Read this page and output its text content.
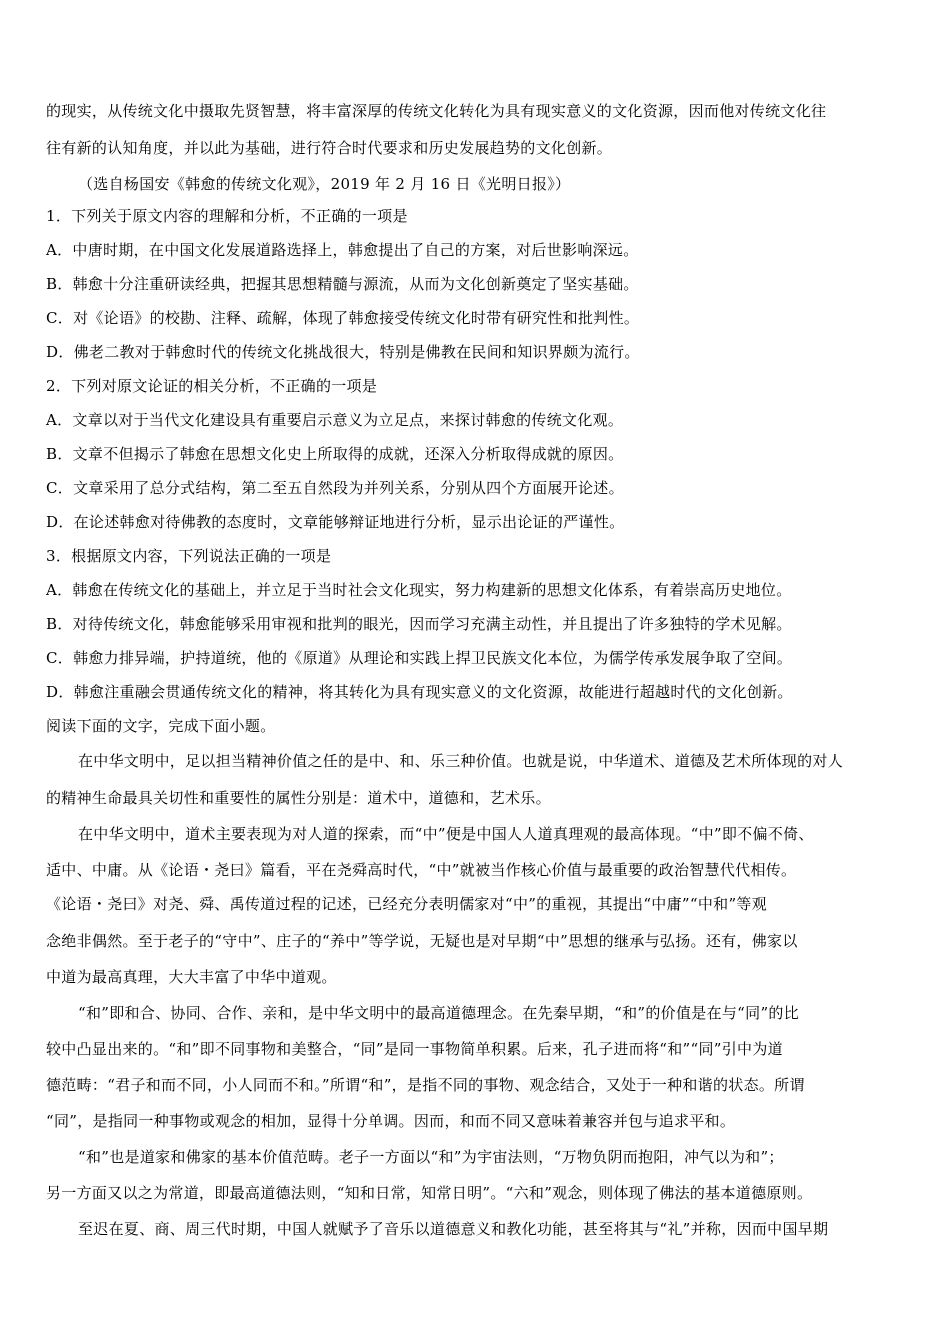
的现实，从传统文化中摄取先贤智慧，将丰富深厚的传统文化转化为具有现实意义的文化资源，因而他对传统文化往
往有新的认知角度，并以此为基础，进行符合时代要求和历史发展趋势的文化创新。
（选自杨国安《韩愈的传统文化观》，2019 年 2 月 16 日《光明日报》）
1．下列关于原文内容的理解和分析，不正确的一项是
A．中唐时期，在中国文化发展道路选择上，韩愈提出了自己的方案，对后世影响深远。
B．韩愈十分注重研读经典，把握其思想精髓与源流，从而为文化创新奠定了坚实基础。
C．对《论语》的校勘、注释、疏解，体现了韩愈接受传统文化时带有研究性和批判性。
D．佛老二教对于韩愈时代的传统文化挑战很大，特别是佛教在民间和知识界颇为流行。
2．下列对原文论证的相关分析，不正确的一项是
A．文章以对于当代文化建设具有重要启示意义为立足点，来探讨韩愈的传统文化观。
B．文章不但揭示了韩愈在思想文化史上所取得的成就，还深入分析取得成就的原因。
C．文章采用了总分式结构，第二至五自然段为并列关系，分别从四个方面展开论述。
D．在论述韩愈对待佛教的态度时，文章能够辩证地进行分析，显示出论证的严谨性。
3．根据原文内容，下列说法正确的一项是
A．韩愈在传统文化的基础上，并立足于当时社会文化现实，努力构建新的思想文化体系，有着崇高历史地位。
B．对待传统文化，韩愈能够采用审视和批判的眼光，因而学习充满主动性，并且提出了许多独特的学术见解。
C．韩愈力排异端，护持道统，他的《原道》从理论和实践上捍卫民族文化本位，为儒学传承发展争取了空间。
D．韩愈注重融会贯通传统文化的精神，将其转化为具有现实意义的文化资源，故能进行超越时代的文化创新。
阅读下面的文字，完成下面小题。
在中华文明中，足以担当精神价值之任的是中、和、乐三种价值。也就是说，中华道术、道德及艺术所体现的对人
的精神生命最具关切性和重要性的属性分别是：道术中，道德和，艺术乐。
在中华文明中，道术主要表现为对人道的探索，而“中”便是中国人人道真理观的最高体现。“中”即不偏不倚、
适中、中庸。从《论语・尧曰》篇看，平在尧舜高时代，“中”就被当作核心价值与最重要的政治智慧代代相传。
《论语・尧曰》对尧、舜、禹传道过程的记述，已经充分表明儒家对“中”的重视，其提出“中庸”“中和”等观
念绝非偶然。至于老子的“守中”、庄子的“养中”等学说，无疑也是对早期“中”思想的继承与弘扬。还有，佛家以
中道为最高真理，大大丰富了中华中道观。
“和”即和合、协同、合作、亲和，是中华文明中的最高道德理念。在先秦早期，“和”的价值是在与“同”的比
较中凸显出来的。“和”即不同事物和美整合，“同”是同一事物简单积累。后来，孔子进而将“和”“同”引中为道
德范畴：“君子和而不同，小人同而不和。”所谓“和”，是指不同的事物、观念结合，又处于一种和谐的状态。所谓
“同”，是指同一种事物或观念的相加，显得十分单调。因而，和而不同又意味着兼容并包与追求平和。
“和”也是道家和佛家的基本价值范畴。老子一方面以“和”为宇宙法则，“万物负阴而抱阳，冲气以为和”；
另一方面又以之为常道，即最高道德法则，“知和日常，知常日明”。“六和”观念，则体现了佛法的基本道德原则。
至迟在夏、商、周三代时期，中国人就赋予了音乐以道德意义和教化功能，甚至将其与“礼”并称，因而中国早期
